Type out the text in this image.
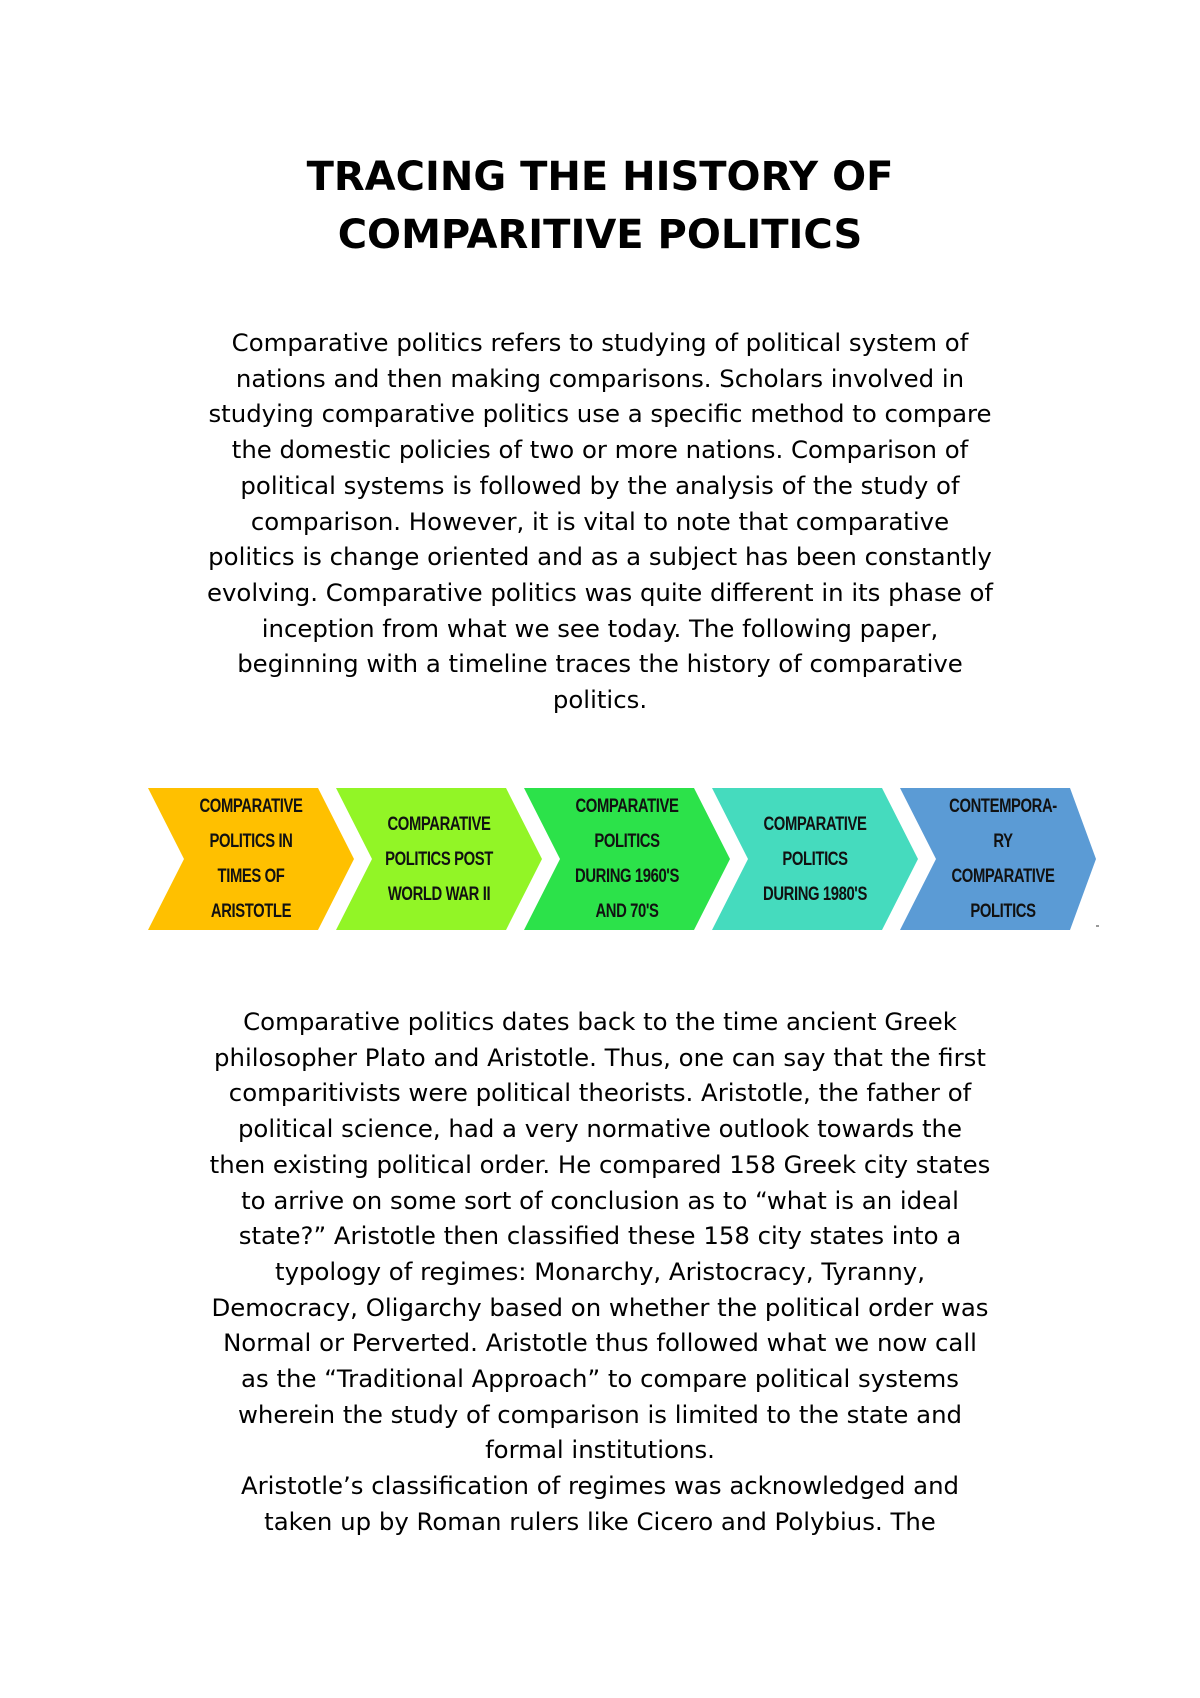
TRACING THE HISTORY OF
COMPARITIVE POLITICS

Comparative politics refers to studying of political system of
nations and then making comparisons. Scholars involved in
studying comparative politics use a specific method to compare
the domestic policies of two or more nations. Comparison of
political systems is followed by the analysis of the study of
comparison. However, it is vital to note that comparative
politics is change oriented and as a subject has been constantly
evolving. Comparative politics was quite different in its phase of
inception from what we see today. The following paper,
beginning with a timeline traces the history of comparative
politics.

COMPARATIVE
POLITICS IN
TIMES OF
ARISTOTLE
COMPARATIVE
POLITICS POST
WORLD WAR II
COMPARATIVE
POLITICS
DURING 1960'S
AND 70'S
COMPARATIVE
POLITICS
DURING 1980'S
CONTEMPORA-
RY
COMPARATIVE
POLITICS

Comparative politics dates back to the time ancient Greek
philosopher Plato and Aristotle. Thus, one can say that the first
comparitivists were political theorists. Aristotle, the father of
political science, had a very normative outlook towards the
then existing political order. He compared 158 Greek city states
to arrive on some sort of conclusion as to “what is an ideal
state?” Aristotle then classified these 158 city states into a
typology of regimes: Monarchy, Aristocracy, Tyranny,
Democracy, Oligarchy based on whether the political order was
Normal or Perverted. Aristotle thus followed what we now call
as the “Traditional Approach” to compare political systems
wherein the study of comparison is limited to the state and
formal institutions.

Aristotle’s classification of regimes was acknowledged and
taken up by Roman rulers like Cicero and Polybius. The
